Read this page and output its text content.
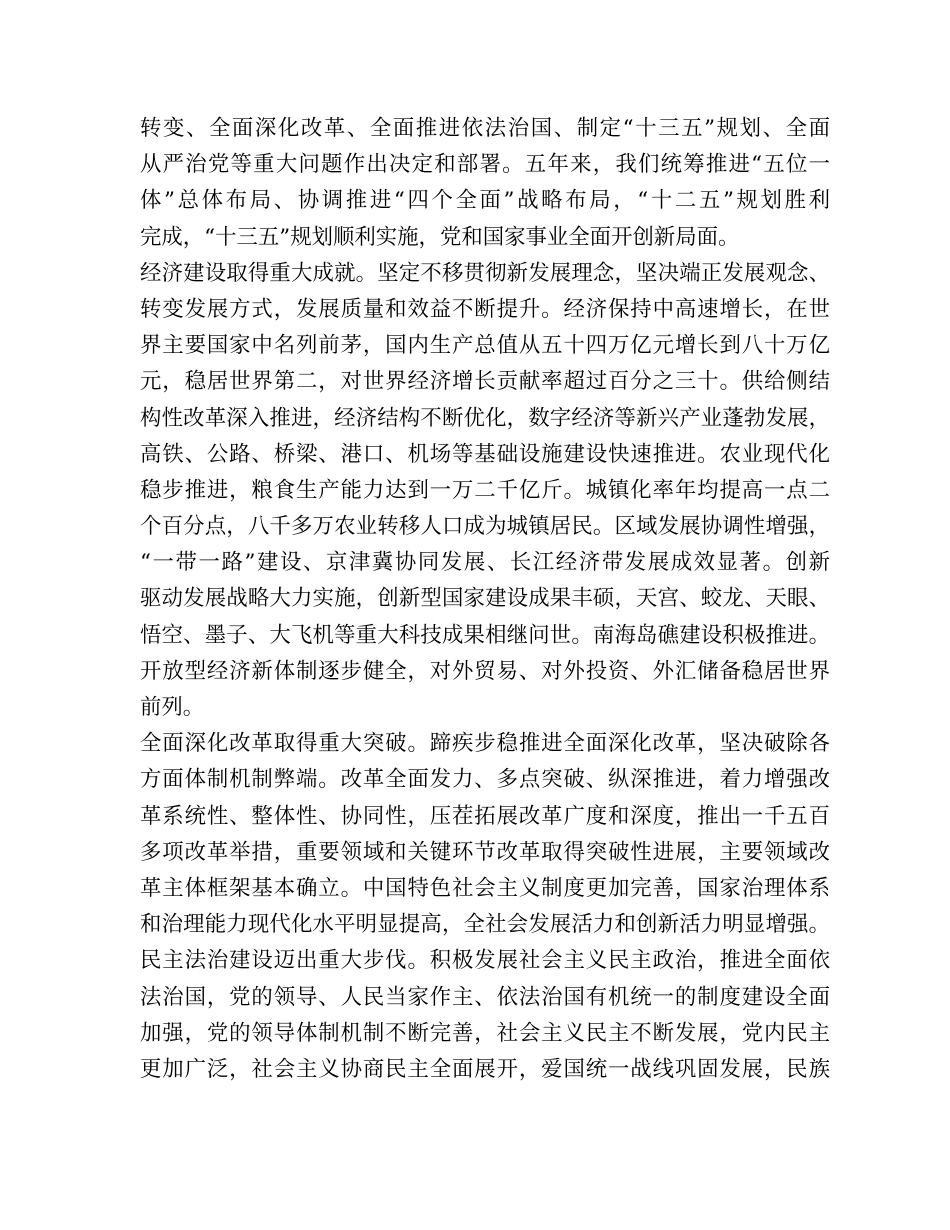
转变、全面深化改革、全面推进依法治国、制定“十三五”规划、全面
从严治党等重大问题作出决定和部署。五年来，我们统筹推进“五位一
体”总体布局、协调推进“四个全面”战略布局，“十二五”规划胜利
完成，“十三五”规划顺利实施，党和国家事业全面开创新局面。
经济建设取得重大成就。坚定不移贯彻新发展理念，坚决端正发展观念、
转变发展方式，发展质量和效益不断提升。经济保持中高速增长，在世
界主要国家中名列前茅，国内生产总值从五十四万亿元增长到八十万亿
元，稳居世界第二，对世界经济增长贡献率超过百分之三十。供给侧结
构性改革深入推进，经济结构不断优化，数字经济等新兴产业蓬勃发展，
高铁、公路、桥梁、港口、机场等基础设施建设快速推进。农业现代化
稳步推进，粮食生产能力达到一万二千亿斤。城镇化率年均提高一点二
个百分点，八千多万农业转移人口成为城镇居民。区域发展协调性增强，
“一带一路”建设、京津冀协同发展、长江经济带发展成效显著。创新
驱动发展战略大力实施，创新型国家建设成果丰硕，天宫、蛟龙、天眼、
悟空、墨子、大飞机等重大科技成果相继问世。南海岛礁建设积极推进。
开放型经济新体制逐步健全，对外贸易、对外投资、外汇储备稳居世界
前列。
全面深化改革取得重大突破。蹄疾步稳推进全面深化改革，坚决破除各
方面体制机制弊端。改革全面发力、多点突破、纵深推进，着力增强改
革系统性、整体性、协同性，压茬拓展改革广度和深度，推出一千五百
多项改革举措，重要领域和关键环节改革取得突破性进展，主要领域改
革主体框架基本确立。中国特色社会主义制度更加完善，国家治理体系
和治理能力现代化水平明显提高，全社会发展活力和创新活力明显增强。
民主法治建设迈出重大步伐。积极发展社会主义民主政治，推进全面依
法治国，党的领导、人民当家作主、依法治国有机统一的制度建设全面
加强，党的领导体制机制不断完善，社会主义民主不断发展，党内民主
更加广泛，社会主义协商民主全面展开，爱国统一战线巩固发展，民族
